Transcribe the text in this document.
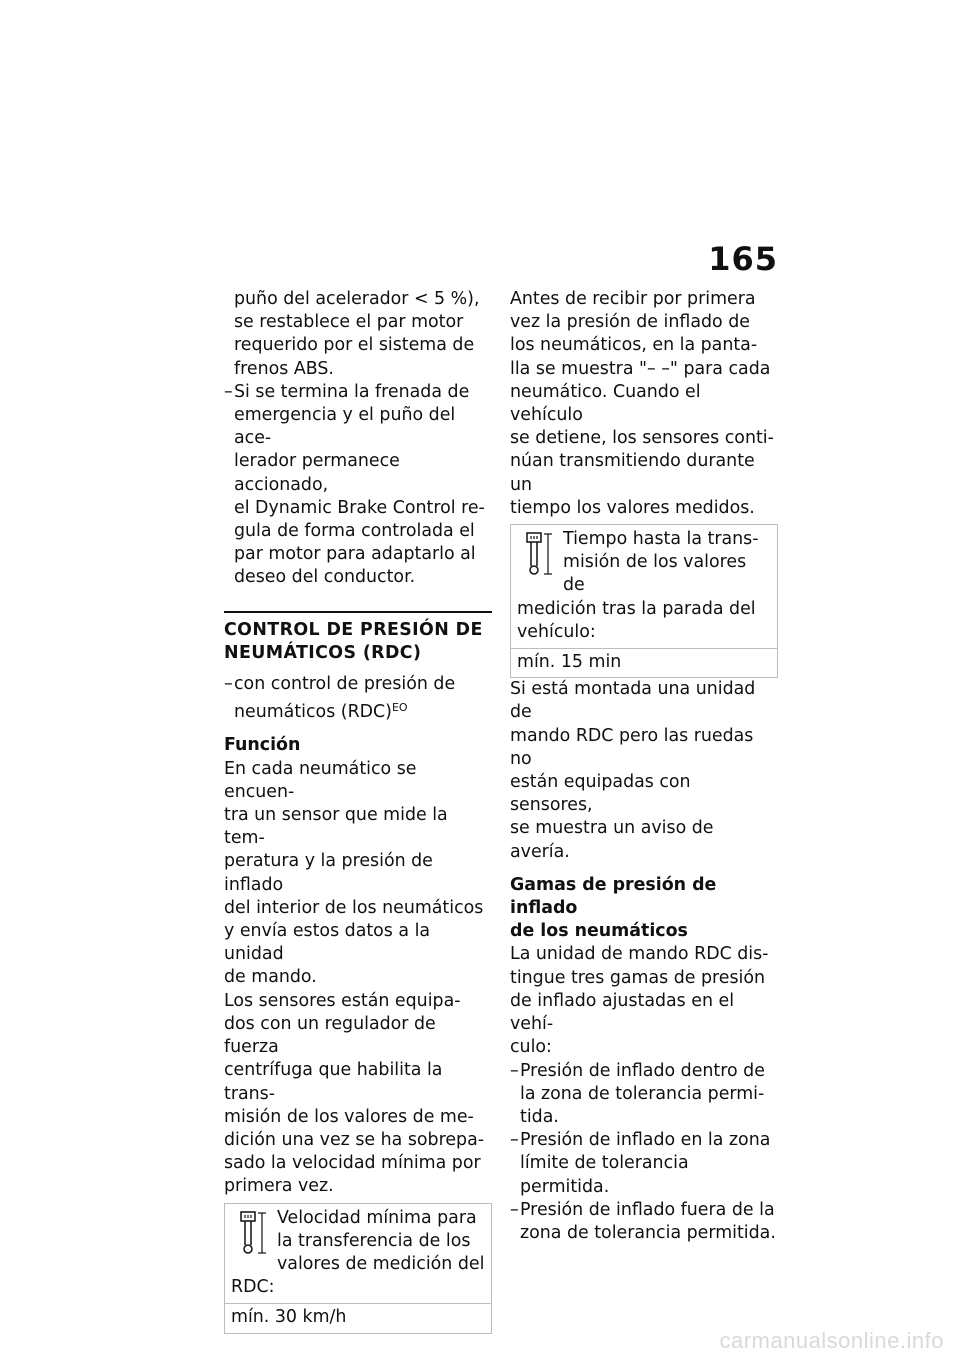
165
puño del acelerador < 5 %),
se restablece el par motor
requerido por el sistema de
frenos ABS.
– Si se termina la frenada de
emergencia y el puño del ace-
lerador permanece accionado,
el Dynamic Brake Control re-
gula de forma controlada el
par motor para adaptarlo al
deseo del conductor.
CONTROL DE PRESIÓN DE
NEUMÁTICOS (RDC)
– con control de presión de
neumáticos (RDC)$^{EO}$
Función
En cada neumático se encuen-
tra un sensor que mide la tem-
peratura y la presión de inflado
del interior de los neumáticos
y envía estos datos a la unidad
de mando.
Los sensores están equipa-
dos con un regulador de fuerza
centrífuga que habilita la trans-
misión de los valores de me-
dición una vez se ha sobrepa-
sado la velocidad mínima por
primera vez.
Velocidad mínima para
la transferencia de los
valores de medición del RDC:
mín. 30 km/h
Antes de recibir por primera
vez la presión de inflado de
los neumáticos, en la panta-
lla se muestra "– –" para cada
neumático. Cuando el vehículo
se detiene, los sensores conti-
núan transmitiendo durante un
tiempo los valores medidos.
Tiempo hasta la trans-
misión de los valores de
medición tras la parada del
vehículo:
mín. 15 min
Si está montada una unidad de
mando RDC pero las ruedas no
están equipadas con sensores,
se muestra un aviso de avería.
Gamas de presión de inflado
de los neumáticos
La unidad de mando RDC dis-
tingue tres gamas de presión
de inflado ajustadas en el vehí-
culo:
– Presión de inflado dentro de
la zona de tolerancia permi-
tida.
– Presión de inflado en la zona
límite de tolerancia permitida.
– Presión de inflado fuera de la
zona de tolerancia permitida.
carmanualsonline.info
